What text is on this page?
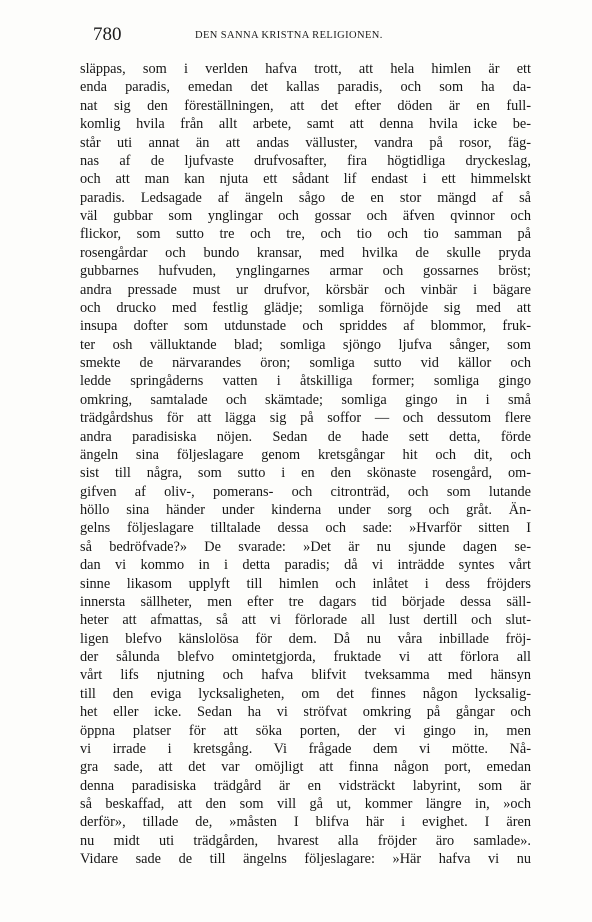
780	DEN SANNA KRISTNA RELIGIONEN.
släppas, som i verlden hafva trott, att hela himlen är ett
enda paradis, emedan det kallas paradis, och som ha da-
nat sig den föreställningen, att det efter döden är en full-
komlig hvila från allt arbete, samt att denna hvila icke be-
står uti annat än att andas välluster, vandra på rosor, fäg-
nas af de ljufvaste drufvosafter, fira högtidliga dryckeslag,
och att man kan njuta ett sådant lif endast i ett himmelskt
paradis. Ledsagade af ängeln sågo de en stor mängd af så
väl gubbar som ynglingar och gossar och äfven qvinnor och
flickor, som sutto tre och tre, och tio och tio samman på
rosengårdar och bundo kransar, med hvilka de skulle pryda
gubbarnes hufvuden, ynglingarnes armar och gossarnes bröst;
andra pressade must ur drufvor, körsbär och vinbär i bägare
och drucko med festlig glädje; somliga förnöjde sig med att
insupa dofter som utdunstade och spriddes af blommor, fruk-
ter osh välluktande blad; somliga sjöngo ljufva sånger, som
smekte de närvarandes öron; somliga sutto vid källor och
ledde springåderns vatten i åtskilliga former; somliga gingo
omkring, samtalade och skämtade; somliga gingo in i små
trädgårdshus för att lägga sig på soffor — och dessutom flere
andra paradisiska nöjen. Sedan de hade sett detta, förde
ängeln sina följeslagare genom kretsgångar hit och dit, och
sist till några, som sutto i en den skönaste rosengård, om-
gifven af oliv-, pomerans- och citronträd, och som lutande
höllo sina händer under kinderna under sorg och gråt. Än-
gelns följeslagare tilltalade dessa och sade: »Hvarför sitten I
så bedröfvade?» De svarade: »Det är nu sjunde dagen se-
dan vi kommo in i detta paradis; då vi inträdde syntes vårt
sinne likasom upplyft till himlen och inlåtet i dess fröjders
innersta sällheter, men efter tre dagars tid började dessa säll-
heter att afmattas, så att vi förlorade all lust dertill och slut-
ligen blefvo känslolösa för dem. Då nu våra inbillade fröj-
der sålunda blefvo omintetgjorda, fruktade vi att förlora all
vårt lifs njutning och hafva blifvit tveksamma med hänsyn
till den eviga lycksaligheten, om det finnes någon lycksalig-
het eller icke. Sedan ha vi ströfvat omkring på gångar och
öppna platser för att söka porten, der vi gingo in, men
vi irrade i kretsgång. Vi frågade dem vi mötte. Nå-
gra sade, att det var omöjligt att finna någon port, emedan
denna paradisiska trädgård är en vidsträckt labyrint, som är
så beskaffad, att den som vill gå ut, kommer längre in, »och
derför», tillade de, »måsten I blifva här i evighet. I ären
nu midt uti trädgården, hvarest alla fröjder äro samlade».
Vidare sade de till ängelns följeslagare: »Här hafva vi nu
